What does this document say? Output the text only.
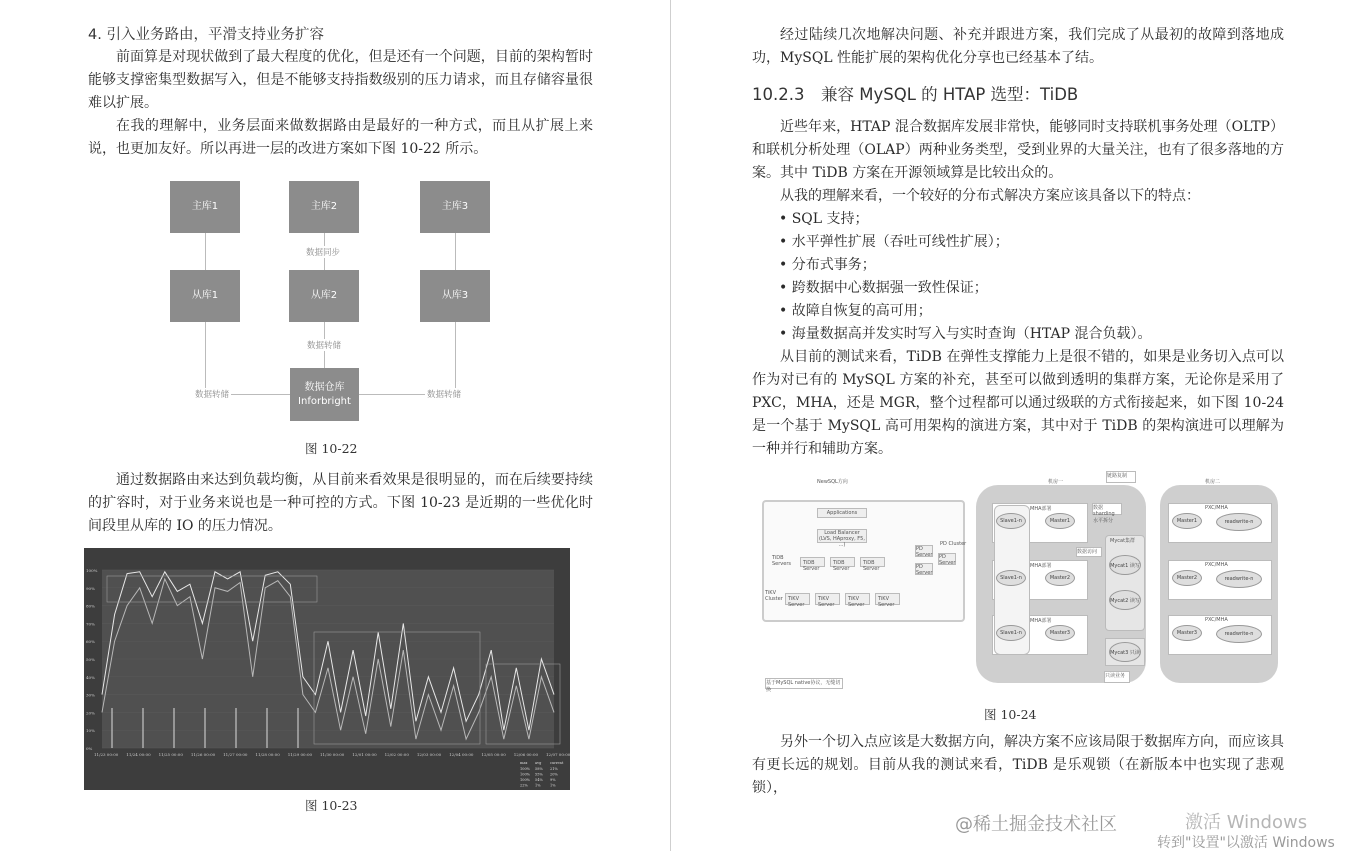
4. 引入业务路由，平滑支持业务扩容
前面算是对现状做到了最大程度的优化，但是还有一个问题，目前的架构暂时能够支撑密集型数据写入，但是不能够支持指数级别的压力请求，而且存储容量很难以扩展。
在我的理解中，业务层面来做数据路由是最好的一种方式，而且从扩展上来说，也更加友好。所以再进一层的改进方案如下图 10-22 所示。
主库1	主库2	主库3
数据同步
从库1	从库2	从库3
数据转储
数据转储	数据转储
数据仓库
Inforbright
图 10-22
通过数据路由来达到负载均衡，从目前来看效果是很明显的，而在后续要持续的扩容时，对于业务来说也是一种可控的方式。下图 10-23 是近期的一些优化时间段里从库的 IO 的压力情况。
100%
90%
80%
70%
60%
50%
40%
30%
20%
10%
0%
11/23 00:00 11/24 00:00 11/25 00:00 11/26 00:00 11/27 00:00 11/28 00:00 11/29 00:00 11/30 00:00 12/01 00:00 12/02 00:00 12/03 00:00 12/04 00:00 12/05 00:00 12/06 00:00 12/07 00:00
max avg current
100% 58% 21%
100% 55% 20%
100% 54% 9%
22% 1%	1%
图 10-23
经过陆续几次地解决问题、补充并跟进方案，我们完成了从最初的故障到落地成功，MySQL 性能扩展的架构优化分享也已经基本了结。
10.2.3　兼容 MySQL 的 HTAP 选型：TiDB
近些年来，HTAP 混合数据库发展非常快，能够同时支持联机事务处理（OLTP）和联机分析处理（OLAP）两种业务类型，受到业界的大量关注，也有了很多落地的方案。其中 TiDB 方案在开源领域算是比较出众的。
从我的理解来看，一个较好的分布式解决方案应该具备以下的特点：
• SQL 支持；
• 水平弹性扩展（吞吐可线性扩展）；
• 分布式事务；
• 跨数据中心数据强一致性保证；
• 故障自恢复的高可用；
• 海量数据高并发实时写入与实时查询（HTAP 混合负载）。
从目前的测试来看，TiDB 在弹性支撑能力上是很不错的，如果是业务切入点可以作为对已有的 MySQL 方案的补充，甚至可以做到透明的集群方案，无论你是采用了 PXC，MHA，还是 MGR，整个过程都可以通过级联的方式衔接起来，如下图 10-24 是一个基于 MySQL 高可用架构的演进方案，其中对于 TiDB 的架构演进可以理解为一种并行和辅助方案。
NewSQL方向
Applications
Load Balancer (LVS, HAproxy, F5, ...)
TiDB Servers	TiDB Server
TiDB Server
TiDB Server
PD Cluster
PD Server
PD Server
PD Server
TiKV Cluster	TiKV Server
TiKV Server
TiKV Server
TiKV Server
机房一
链路复制
数据sharding 水平拆分
MHA部署
MHA部署
MHA部署
Slave1-n
Slave1-n
Slave1-n
Master1
Master2
Master3
Mycat集群
Mycat1 读写
Mycat2 读写
Mycat3 只读
只读业务
数据访问
机房二
PXC/MHA
PXC/MHA
PXC/MHA
Master1
Master2
Master3
readwrite-n
readwrite-n
readwrite-n
基于MySQL native协议，无缝切换
图 10-24
另外一个切入点应该是大数据方向，解决方案不应该局限于数据库方向，而应该具有更长远的规划。目前从我的测试来看，TiDB 是乐观锁（在新版本中也实现了悲观锁），
@稀土掘金技术社区	激活 Windows
转到"设置"以激活 Windows
